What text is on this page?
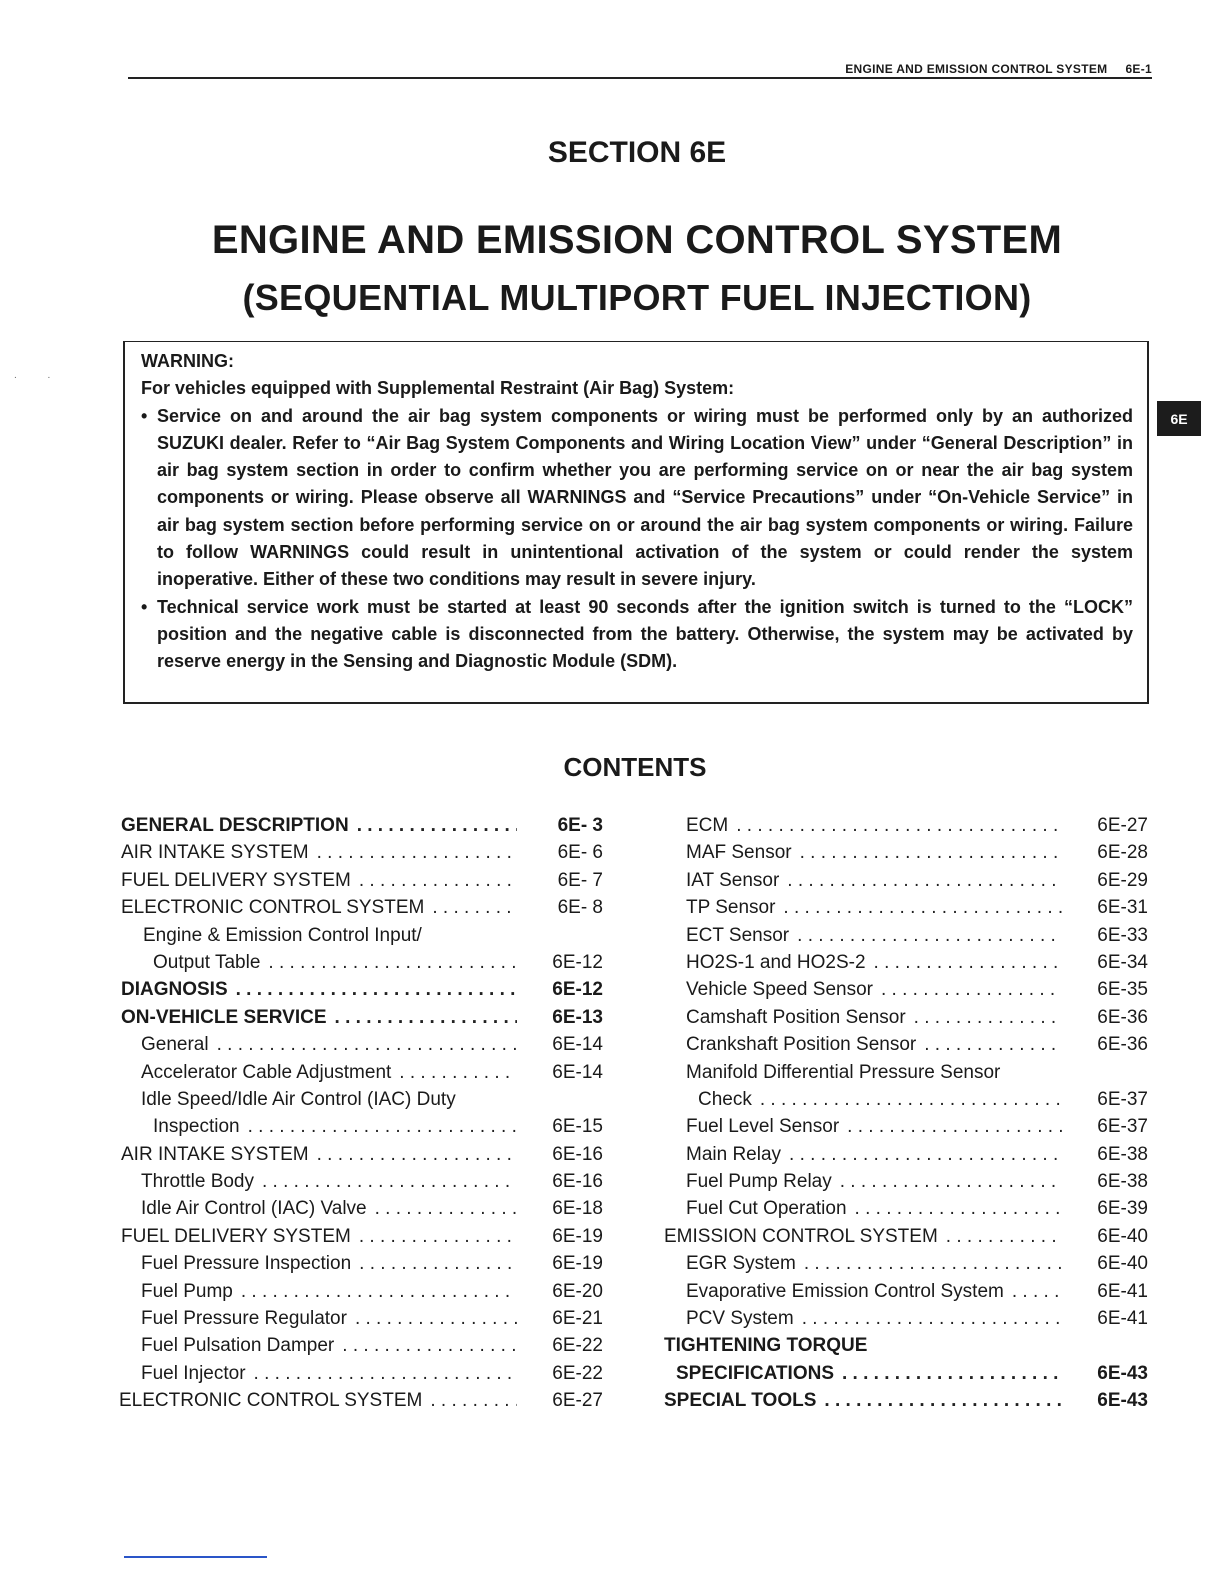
ENGINE AND EMISSION CONTROL SYSTEM 6E-1
. .
SECTION 6E
ENGINE AND EMISSION CONTROL SYSTEM
(SEQUENTIAL MULTIPORT FUEL INJECTION)
WARNING:
For vehicles equipped with Supplemental Restraint (Air Bag) System:
• Service on and around the air bag system components or wiring must be performed only by an authorized SUZUKI dealer. Refer to “Air Bag System Components and Wiring Location View” under “General Description” in air bag system section in order to confirm whether you are performing service on or near the air bag system components or wiring. Please observe all WARNINGS and “Service Precautions” under “On-Vehicle Service” in air bag system section before performing service on or around the air bag system components or wiring. Failure to follow WARNINGS could result in unintentional activation of the system or could render the system inoperative. Either of these two conditions may result in severe injury.
• Technical service work must be started at least 90 seconds after the ignition switch is turned to the “LOCK” position and the negative cable is disconnected from the battery. Otherwise, the system may be activated by reserve energy in the Sensing and Diagnostic Module (SDM).
6E
CONTENTS
GENERAL DESCRIPTION . . .	6E- 3
AIR INTAKE SYSTEM . . .	6E- 6
FUEL DELIVERY SYSTEM . . .	6E- 7
ELECTRONIC CONTROL SYSTEM . . .	6E- 8
Engine & Emission Control Input/
Output Table . . .	6E-12
DIAGNOSIS . . .	6E-12
ON-VEHICLE SERVICE . . .	6E-13
General . . .	6E-14
Accelerator Cable Adjustment . . .	6E-14
Idle Speed/Idle Air Control (IAC) Duty
Inspection . . .	6E-15
AIR INTAKE SYSTEM . . .	6E-16
Throttle Body . . .	6E-16
Idle Air Control (IAC) Valve . . .	6E-18
FUEL DELIVERY SYSTEM . . .	6E-19
Fuel Pressure Inspection . . .	6E-19
Fuel Pump . . .	6E-20
Fuel Pressure Regulator . . .	6E-21
Fuel Pulsation Damper . . .	6E-22
Fuel Injector . . .	6E-22
ELECTRONIC CONTROL SYSTEM . . .	6E-27
ECM . . .	6E-27
MAF Sensor . . .	6E-28
IAT Sensor . . .	6E-29
TP Sensor . . .	6E-31
ECT Sensor . . .	6E-33
HO2S-1 and HO2S-2 . . .	6E-34
Vehicle Speed Sensor . . .	6E-35
Camshaft Position Sensor . . .	6E-36
Crankshaft Position Sensor . . .	6E-36
Manifold Differential Pressure Sensor
Check . . .	6E-37
Fuel Level Sensor . . .	6E-37
Main Relay . . .	6E-38
Fuel Pump Relay . . .	6E-38
Fuel Cut Operation . . .	6E-39
EMISSION CONTROL SYSTEM . . .	6E-40
EGR System . . .	6E-40
Evaporative Emission Control System . . .	6E-41
PCV System . . .	6E-41
TIGHTENING TORQUE
SPECIFICATIONS . . .	6E-43
SPECIAL TOOLS . . .	6E-43
